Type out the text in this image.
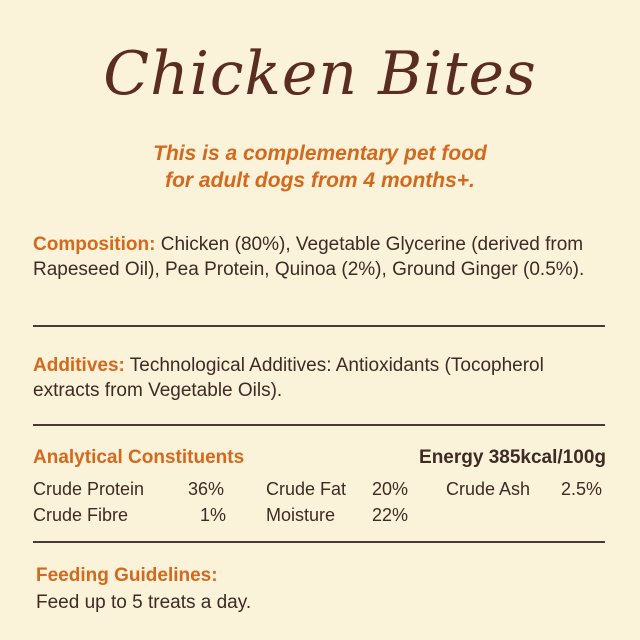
Chicken Bites
This is a complementary pet food
for adult dogs from 4 months+.
Composition: Chicken (80%), Vegetable Glycerine (derived from Rapeseed Oil), Pea Protein, Quinoa (2%), Ground Ginger (0.5%).
Additives: Technological Additives: Antioxidants (Tocopherol extracts from Vegetable Oils).
Analytical Constituents	Energy 385kcal/100g
Crude Protein 36% Crude Fat 20% Crude Ash 2.5%
Crude Fibre	1% Moisture 22%
Feeding Guidelines:
Feed up to 5 treats a day.
